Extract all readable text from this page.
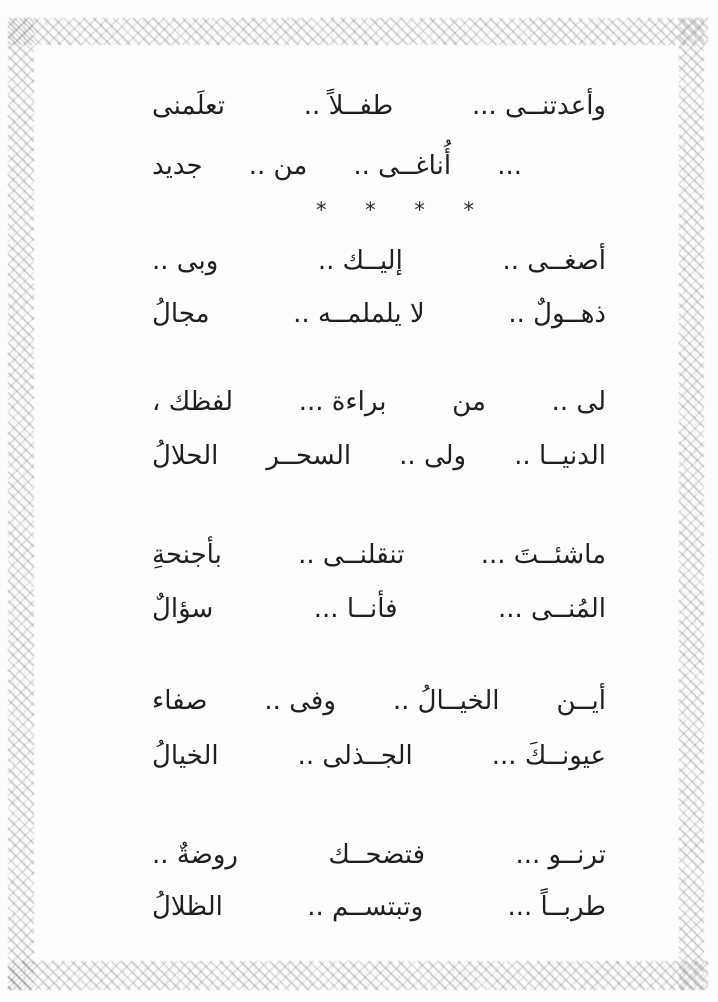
وأعدتنــى ...
طفــلاً ..
تعلَمنى
...
أُناغــى ..
من ..
جديد
* * * *
أصغــى ..
إليــك ..
وبى ..
ذهــولٌ ..
لا يلملمــه ..
مجالُ
لى ..
من
براءة ...
لفظك ،
الدنيــا ..
ولى ..
السحــر
الحلالُ
ماشئــتَ ...
تنقلنــى ..
بأجنحةِ
المُنــى ...
فأنــا ...
سؤالٌ
أيــن
الخيــالُ ..
وفى ..
صفاء
عيونــكَ ...
الجــذلى ..
الخيالُ
ترنــو ...
فتضحــك
روضةٌ ..
طربــاً ...
وتبتســم ..
الظلالُ
